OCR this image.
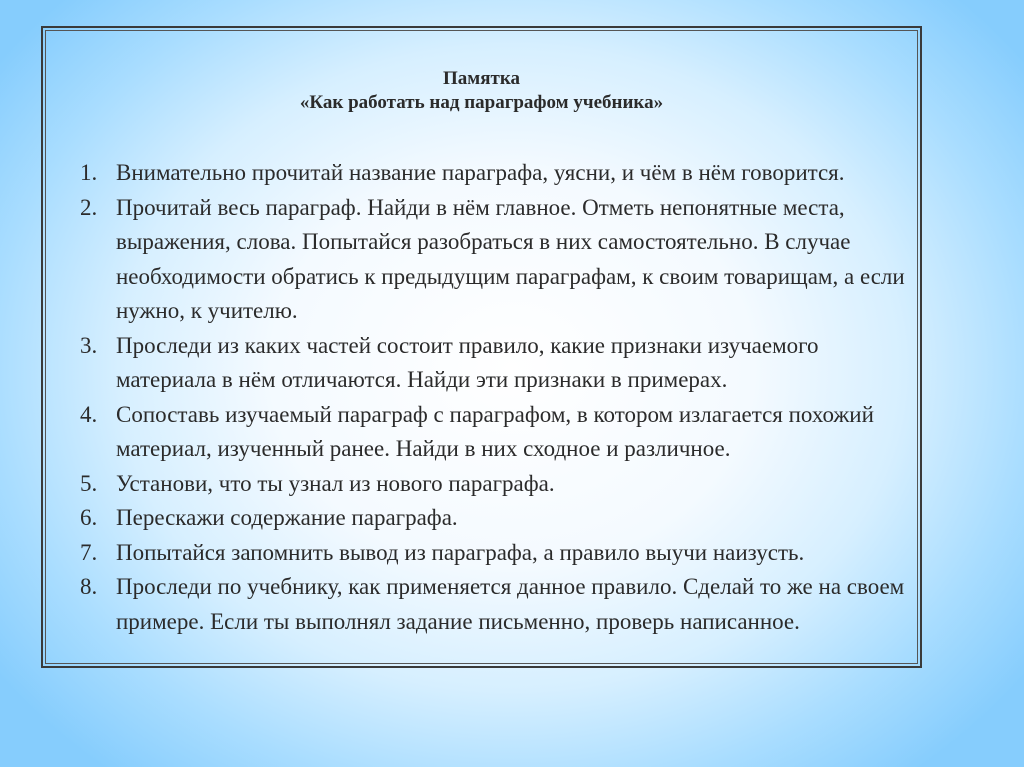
Памятка
«Как работать над параграфом учебника»
1. Внимательно прочитай название параграфа, уясни, и чём в нём говорится.
2. Прочитай весь параграф. Найди в нём главное. Отметь непонятные места, выражения, слова. Попытайся разобраться в них самостоятельно. В случае необходимости обратись к предыдущим параграфам, к своим товарищам, а если нужно, к учителю.
3. Проследи из каких частей состоит правило, какие признаки изучаемого материала в нём отличаются. Найди эти признаки в примерах.
4. Сопоставь изучаемый параграф с параграфом, в котором излагается похожий материал, изученный ранее. Найди в них сходное и различное.
5. Установи, что ты узнал из нового параграфа.
6. Перескажи содержание параграфа.
7. Попытайся запомнить вывод из параграфа, а правило выучи наизусть.
8. Проследи по учебнику, как применяется данное правило. Сделай то же на своем примере. Если ты выполнял задание письменно, проверь написанное.
